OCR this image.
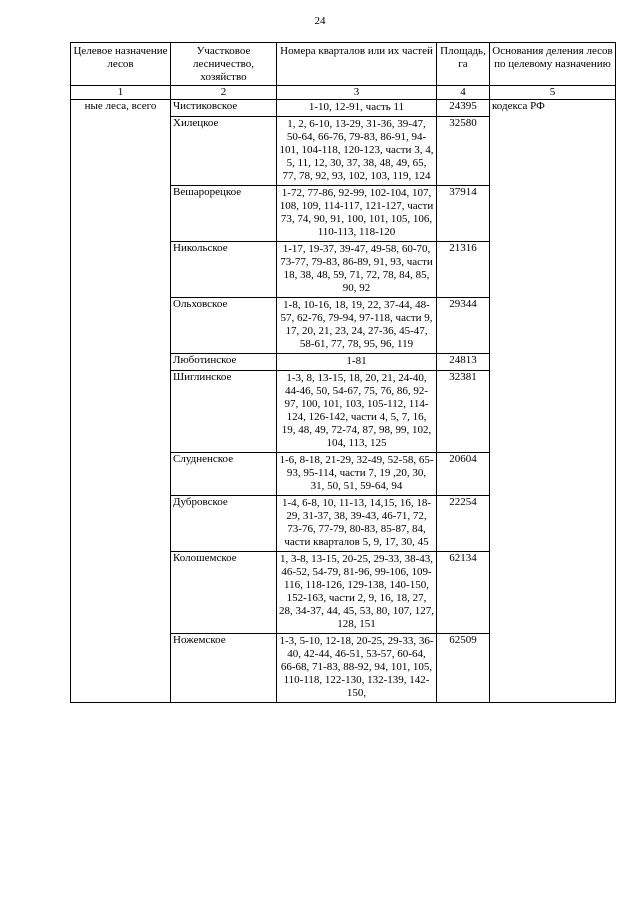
24
Целевое назначение лесов	Участковое лесничество, хозяйство	Номера кварталов или их частей	Площадь, га	Основания деления лесов по целевому назначению
1	2	3	4	5
ные леса, всего	Чистиковское	1-10, 12-91, часть 11	24395	кодекса РФ
	Хилецкое	1, 2, 6-10, 13-29, 31-36, 39-47, 50-64, 66-76, 79-83, 86-91, 94-101, 104-118, 120-123, части 3, 4, 5, 11, 12, 30, 37, 38, 48, 49, 65, 77, 78, 92, 93, 102, 103, 119, 124	32580	
	Вешарорецкое	1-72, 77-86, 92-99, 102-104, 107, 108, 109, 114-117, 121-127, части 73, 74, 90, 91, 100, 101, 105, 106, 110-113, 118-120	37914	
	Никольское	1-17, 19-37, 39-47, 49-58, 60-70, 73-77, 79-83, 86-89, 91, 93, части 18, 38, 48, 59, 71, 72, 78, 84, 85, 90, 92	21316	
	Ольховское	1-8, 10-16, 18, 19, 22, 37-44, 48-57, 62-76, 79-94, 97-118, части 9, 17, 20, 21, 23, 24, 27-36, 45-47, 58-61, 77, 78, 95, 96, 119	29344	
	Люботинское	1-81	24813	
	Шиглинское	1-3, 8, 13-15, 18, 20, 21, 24-40, 44-46, 50, 54-67, 75, 76, 86, 92-97, 100, 101, 103, 105-112, 114-124, 126-142, части 4, 5, 7, 16, 19, 48, 49, 72-74, 87, 98, 99, 102, 104, 113, 125	32381	
	Слудненское	1-6, 8-18, 21-29, 32-49, 52-58, 65-93, 95-114, части 7, 19 ,20, 30, 31, 50, 51, 59-64, 94	20604	
	Дубровское	1-4, 6-8, 10, 11-13, 14,15, 16, 18-29, 31-37, 38, 39-43, 46-71, 72, 73-76, 77-79, 80-83, 85-87, 84, части кварталов 5, 9, 17, 30, 45	22254	
	Колошемское	1, 3-8, 13-15, 20-25, 29-33, 38-43, 46-52, 54-79, 81-96, 99-106, 109-116, 118-126, 129-138, 140-150, 152-163, части 2, 9, 16, 18, 27, 28, 34-37, 44, 45, 53, 80, 107, 127, 128, 151	62134	
	Ножемское	1-3, 5-10, 12-18, 20-25, 29-33, 36-40, 42-44, 46-51, 53-57, 60-64, 66-68, 71-83, 88-92, 94, 101, 105, 110-118, 122-130, 132-139, 142-150,	62509	
